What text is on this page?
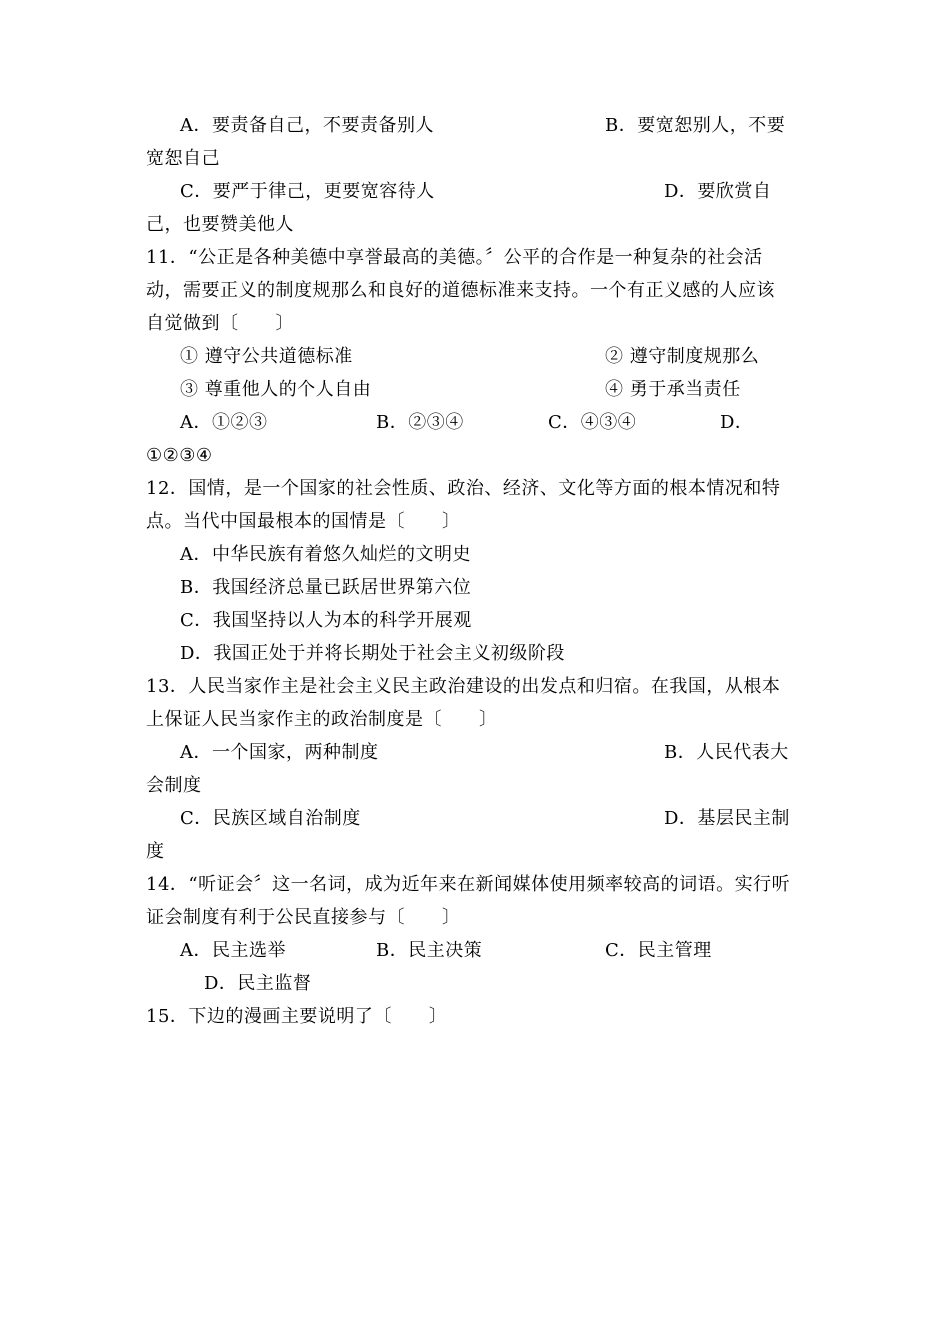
A．要责备自己，不要责备别人	B．要宽恕别人，不要
宽恕自己
C．要严于律己，更要宽容待人	D．要欣赏自
己，也要赞美他人
11．“公正是各种美德中享誉最高的美德。〞公平的合作是一种复杂的社会活
动，需要正义的制度规那么和良好的道德标准来支持。一个有正义感的人应该
自觉做到〔　　〕
① 遵守公共道德标准	② 遵守制度规那么
③ 尊重他人的个人自由	④ 勇于承当责任
A．①②③	B．②③④	C．④③④	D．
①②③④
12．国情，是一个国家的社会性质、政治、经济、文化等方面的根本情况和特
点。当代中国最根本的国情是〔　　〕
A．中华民族有着悠久灿烂的文明史
B．我国经济总量已跃居世界第六位
C．我国坚持以人为本的科学开展观
D．我国正处于并将长期处于社会主义初级阶段
13．人民当家作主是社会主义民主政治建设的出发点和归宿。在我国，从根本
上保证人民当家作主的政治制度是〔　　〕
A．一个国家，两种制度	B．人民代表大
会制度
C．民族区域自治制度	D．基层民主制
度
14．“听证会〞这一名词，成为近年来在新闻媒体使用频率较高的词语。实行听
证会制度有利于公民直接参与〔　　〕
A．民主选举	B．民主决策	C．民主管理
D．民主监督
15．下边的漫画主要说明了〔　　〕
